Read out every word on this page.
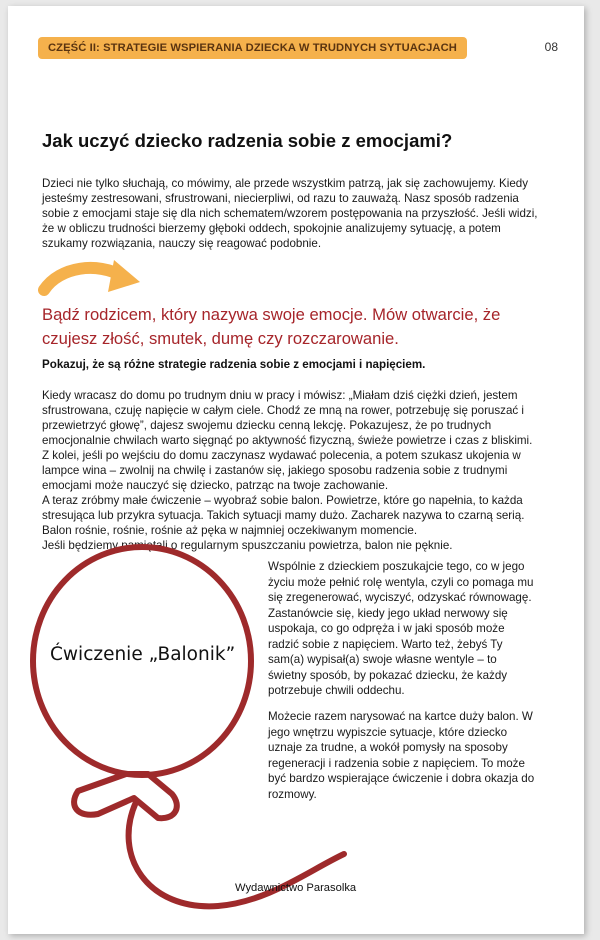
CZĘŚĆ II: STRATEGIE WSPIERANIA DZIECKA W TRUDNYCH SYTUACJACH	08
Jak uczyć dziecko radzenia sobie z emocjami?

Dzieci nie tylko słuchają, co mówimy, ale przede wszystkim patrzą, jak się zachowujemy. Kiedy jesteśmy zestresowani, sfrustrowani, niecierpliwi, od razu to zauważą. Nasz sposób radzenia sobie z emocjami staje się dla nich schematem/wzorem postępowania na przyszłość. Jeśli widzi, że w obliczu trudności bierzemy głęboki oddech, spokojnie analizujemy sytuację, a potem szukamy rozwiązania, nauczy się reagować podobnie.

Bądź rodzicem, który nazywa swoje emocje. Mów otwarcie, że czujesz złość, smutek, dumę czy rozczarowanie.

Pokazuj, że są różne strategie radzenia sobie z emocjami i napięciem.

Kiedy wracasz do domu po trudnym dniu w pracy i mówisz: „Miałam dziś ciężki dzień, jestem sfrustrowana, czuję napięcie w całym ciele. Chodź ze mną na rower, potrzebuję się poruszać i przewietrzyć głowę”, dajesz swojemu dziecku cenną lekcję. Pokazujesz, że po trudnych emocjonalnie chwilach warto sięgnąć po aktywność fizyczną, świeże powietrze i czas z bliskimi. Z kolei, jeśli po wejściu do domu zaczynasz wydawać polecenia, a potem szukasz ukojenia w lampce wina – zwolnij na chwilę i zastanów się, jakiego sposobu radzenia sobie z trudnymi emocjami może nauczyć się dziecko, patrząc na twoje zachowanie.
A teraz zróbmy małe ćwiczenie – wyobraź sobie balon. Powietrze, które go napełnia, to każda stresująca lub przykra sytuacja. Takich sytuacji mamy dużo. Zacharek nazywa to czarną serią. Balon rośnie, rośnie, rośnie aż pęka w najmniej oczekiwanym momencie.
Jeśli będziemy pamiętali o regularnym spuszczaniu powietrza, balon nie pęknie.

Ćwiczenie „Balonik”

Wspólnie z dzieckiem poszukajcie tego, co w jego życiu może pełnić rolę wentyla, czyli co pomaga mu się zregenerować, wyciszyć, odzyskać równowagę. Zastanówcie się, kiedy jego układ nerwowy się uspokaja, co go odpręża i w jaki sposób może radzić sobie z napięciem. Warto też, żebyś Ty sam(a) wypisał(a) swoje własne wentyle – to świetny sposób, by pokazać dziecku, że każdy potrzebuje chwili oddechu.

Możecie razem narysować na kartce duży balon. W jego wnętrzu wypiszcie sytuacje, które dziecko uznaje za trudne, a wokół pomysły na sposoby regeneracji i radzenia sobie z napięciem. To może być bardzo wspierające ćwiczenie i dobra okazja do rozmowy.

Wydawnictwo Parasolka
